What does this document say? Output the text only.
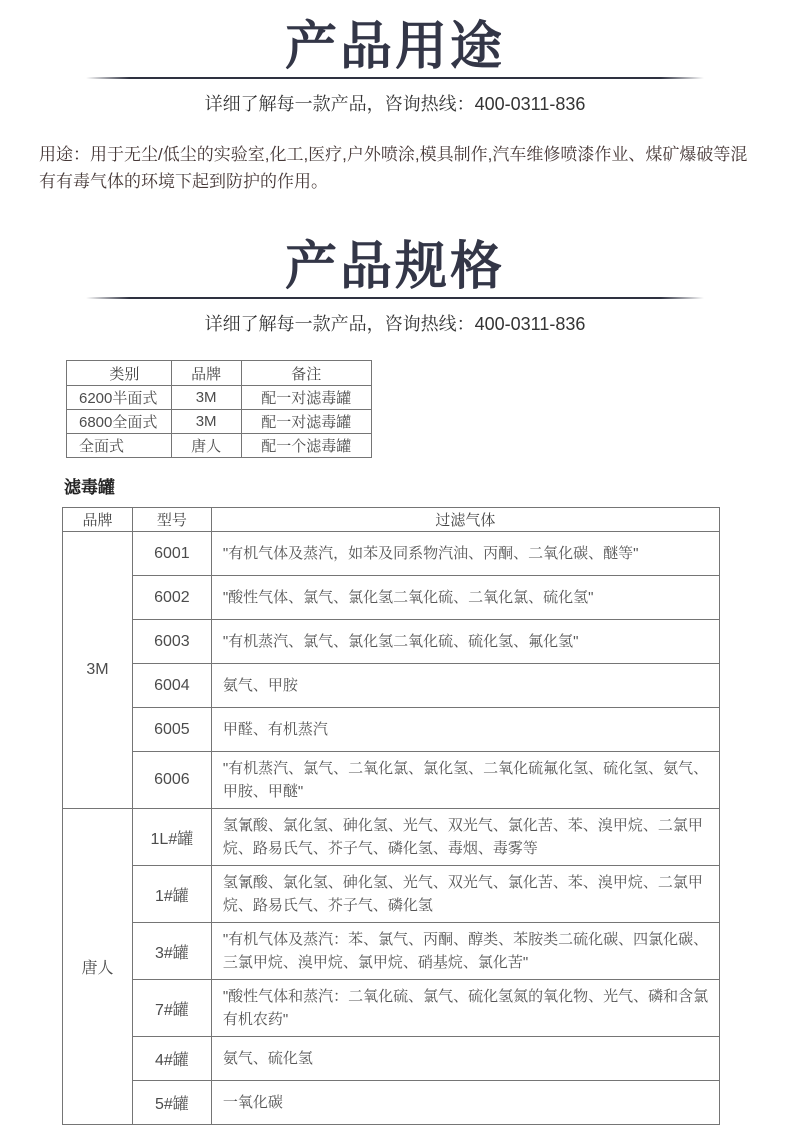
产品用途
详细了解每一款产品，咨询热线：400-0311-836
用途：用于无尘/低尘的实验室,化工,医疗,户外喷涂,模具制作,汽车维修喷漆作业、煤矿爆破等混有有毒气体的环境下起到防护的作用。
产品规格
详细了解每一款产品，咨询热线：400-0311-836
类别	品牌	备注
6200半面式	3M	配一对滤毒罐
6800全面式	3M	配一对滤毒罐
全面式	唐人	配一个滤毒罐
滤毒罐
品牌	型号	过滤气体
3M	6001	"有机气体及蒸汽，如苯及同系物汽油、丙酮、二氧化碳、醚等"
	6002	"酸性气体、氯气、氯化氢二氧化硫、二氧化氯、硫化氢"
	6003	"有机蒸汽、氯气、氯化氢二氧化硫、硫化氢、氟化氢"
	6004	氨气、甲胺
	6005	甲醛、有机蒸汽
	6006	"有机蒸汽、氯气、二氧化氯、氯化氢、二氧化硫氟化氢、硫化氢、氨气、甲胺、甲醚"
唐人	1L#罐	氢氰酸、氯化氢、砷化氢、光气、双光气、氯化苦、苯、溴甲烷、二氯甲烷、路易氏气、芥子气、磷化氢、毒烟、毒雾等
	1#罐	氢氰酸、氯化氢、砷化氢、光气、双光气、氯化苦、苯、溴甲烷、二氯甲烷、路易氏气、芥子气、磷化氢
	3#罐	"有机气体及蒸汽：苯、氯气、丙酮、醇类、苯胺类二硫化碳、四氯化碳、三氯甲烷、溴甲烷、氯甲烷、硝基烷、氯化苦"
	7#罐	"酸性气体和蒸汽：二氧化硫、氯气、硫化氢氮的氧化物、光气、磷和含氯有机农药"
	4#罐	氨气、硫化氢
	5#罐	一氧化碳
